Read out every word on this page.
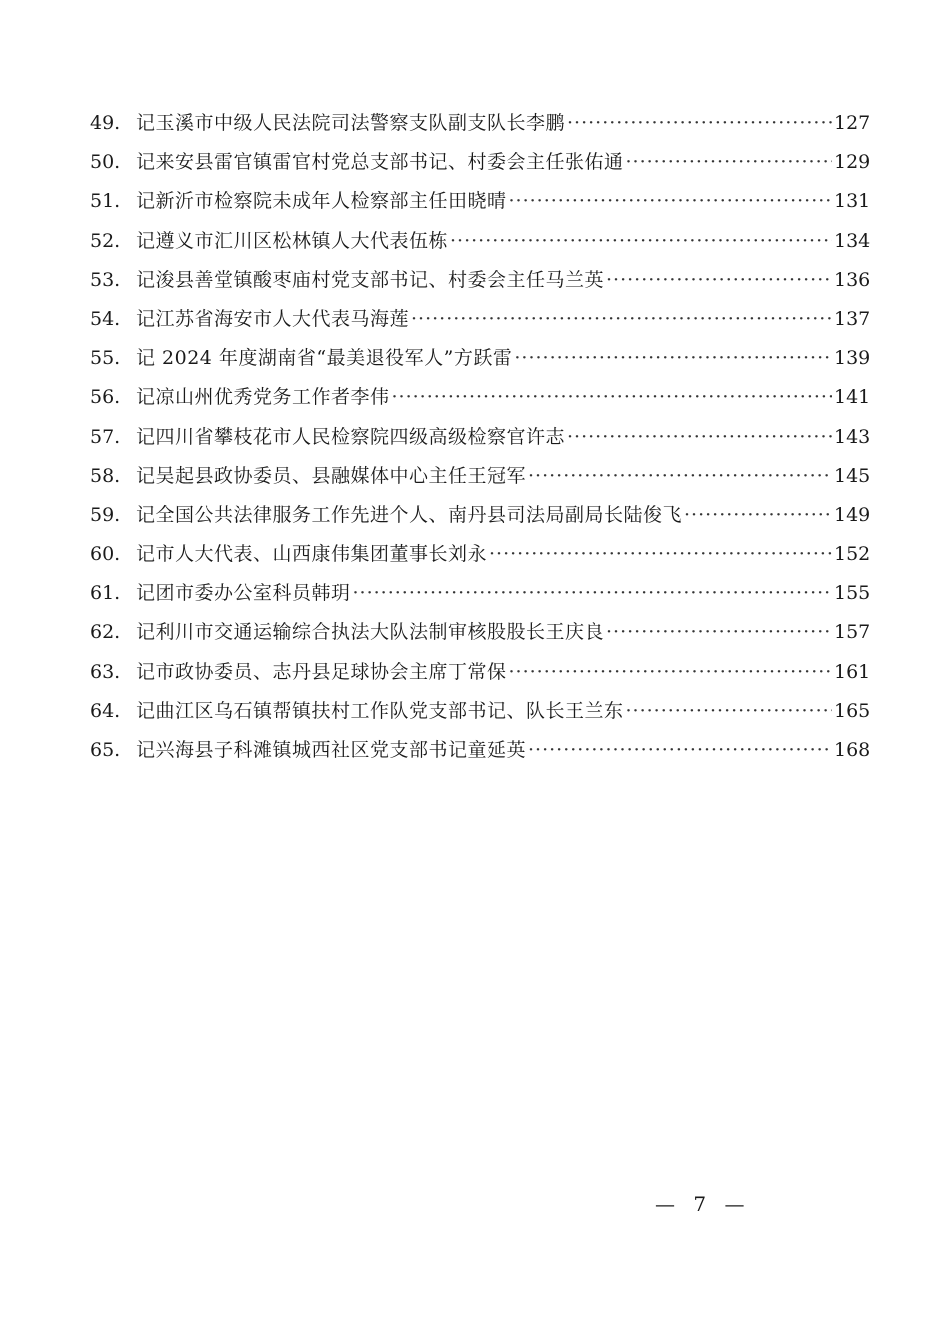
49. 记玉溪市中级人民法院司法警察支队副支队长李鹏 ·····	127
50. 记来安县雷官镇雷官村党总支部书记、村委会主任张佑通 ·····	129
51. 记新沂市检察院未成年人检察部主任田晓晴 ·····	131
52. 记遵义市汇川区松林镇人大代表伍栋 ·····	134
53. 记浚县善堂镇酸枣庙村党支部书记、村委会主任马兰英 ·····	136
54. 记江苏省海安市人大代表马海莲 ·····	137
55. 记 2024 年度湖南省“最美退役军人”方跃雷 ·····	139
56. 记凉山州优秀党务工作者李伟 ·····	141
57. 记四川省攀枝花市人民检察院四级高级检察官许志 ·····	143
58. 记吴起县政协委员、县融媒体中心主任王冠军 ·····	145
59. 记全国公共法律服务工作先进个人、南丹县司法局副局长陆俊飞 ·····	149
60. 记市人大代表、山西康伟集团董事长刘永 ·····	152
61. 记团市委办公室科员韩玥 ·····	155
62. 记利川市交通运输综合执法大队法制审核股股长王庆良 ·····	157
63. 记市政协委员、志丹县足球协会主席丁常保 ·····	161
64. 记曲江区乌石镇帮镇扶村工作队党支部书记、队长王兰东 ·····	165
65. 记兴海县子科滩镇城西社区党支部书记童延英 ·····	168
— 7 —
